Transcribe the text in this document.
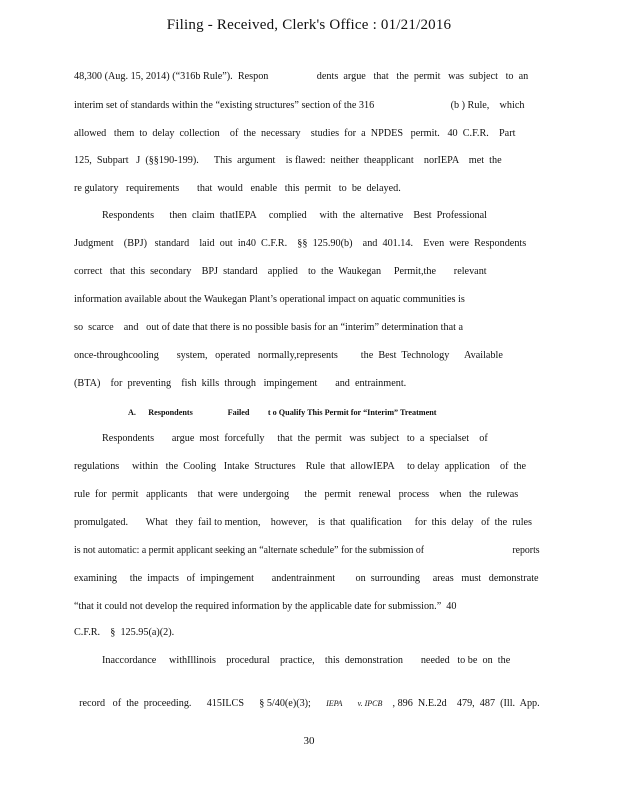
Filing - Received, Clerk's Office : 01/21/2016
48,300 (Aug. 15, 2014) (“316b Rule”).  Respon                   dents  argue   that   the  permit   was  subject   to  an
interim set of standards within the “existing structures” section of the 316                              (b ) Rule,    which
allowed   them  to  delay  collection    of  the  necessary    studies  for  a  NPDES   permit.   40  C.F.R.    Part
125,  Subpart   J  (§§190-199).      This  argument    is flawed:  neither  theapplicant    norIEPA    met  the
re gulatory   requirements       that  would   enable   this  permit   to  be  delayed.
Respondents      then  claim  thatIEPA     complied     with  the  alternative    Best  Professional
Judgment    (BPJ)   standard    laid  out  in40  C.F.R.    §§  125.90(b)    and  401.14.    Even  were  Respondents
correct   that  this  secondary    BPJ  standard    applied    to  the  Waukegan     Permit,the       relevant
information available about the Waukegan Plant’s operational impact on aquatic communities is
so  scarce    and   out of date that there is no possible basis for an “interim” determination that a
once-throughcooling       system,   operated   normally,represents         the  Best  Technology      Available
(BTA)    for  preventing    fish  kills  through   impingement       and  entrainment.
Respondents       argue  most  forcefully     that  the  permit   was  subject   to  a  specialset    of
regulations     within   the  Cooling   Intake  Structures    Rule  that  allowIEPA     to delay  application    of  the
rule  for  permit   applicants    that  were  undergoing      the   permit   renewal   process    when   the  rulewas
promulgated.       What   they  fail to mention,    however,    is  that  qualification     for  this  delay   of  the  rules
is not automatic: a permit applicant seeking an “alternate schedule” for the submission of                                    reports
examining     the  impacts   of  impingement       andentrainment        on  surrounding     areas   must   demonstrate
“that it could not develop the required information by the applicable date for submission.”  40
C.F.R.    §  125.95(a)(2).
Inaccordance     withIllinois    procedural    practice,    this  demonstration       needed   to be  on  the
A.      Respondents                 Failed         t o Qualify This Permit for “Interim” Treatment

record   of  the  proceeding.      415ILCS      § 5/40(e)(3); IEPA v. IPCB , 896  N.E.2d    479,  487  (Ill.  App.

30
